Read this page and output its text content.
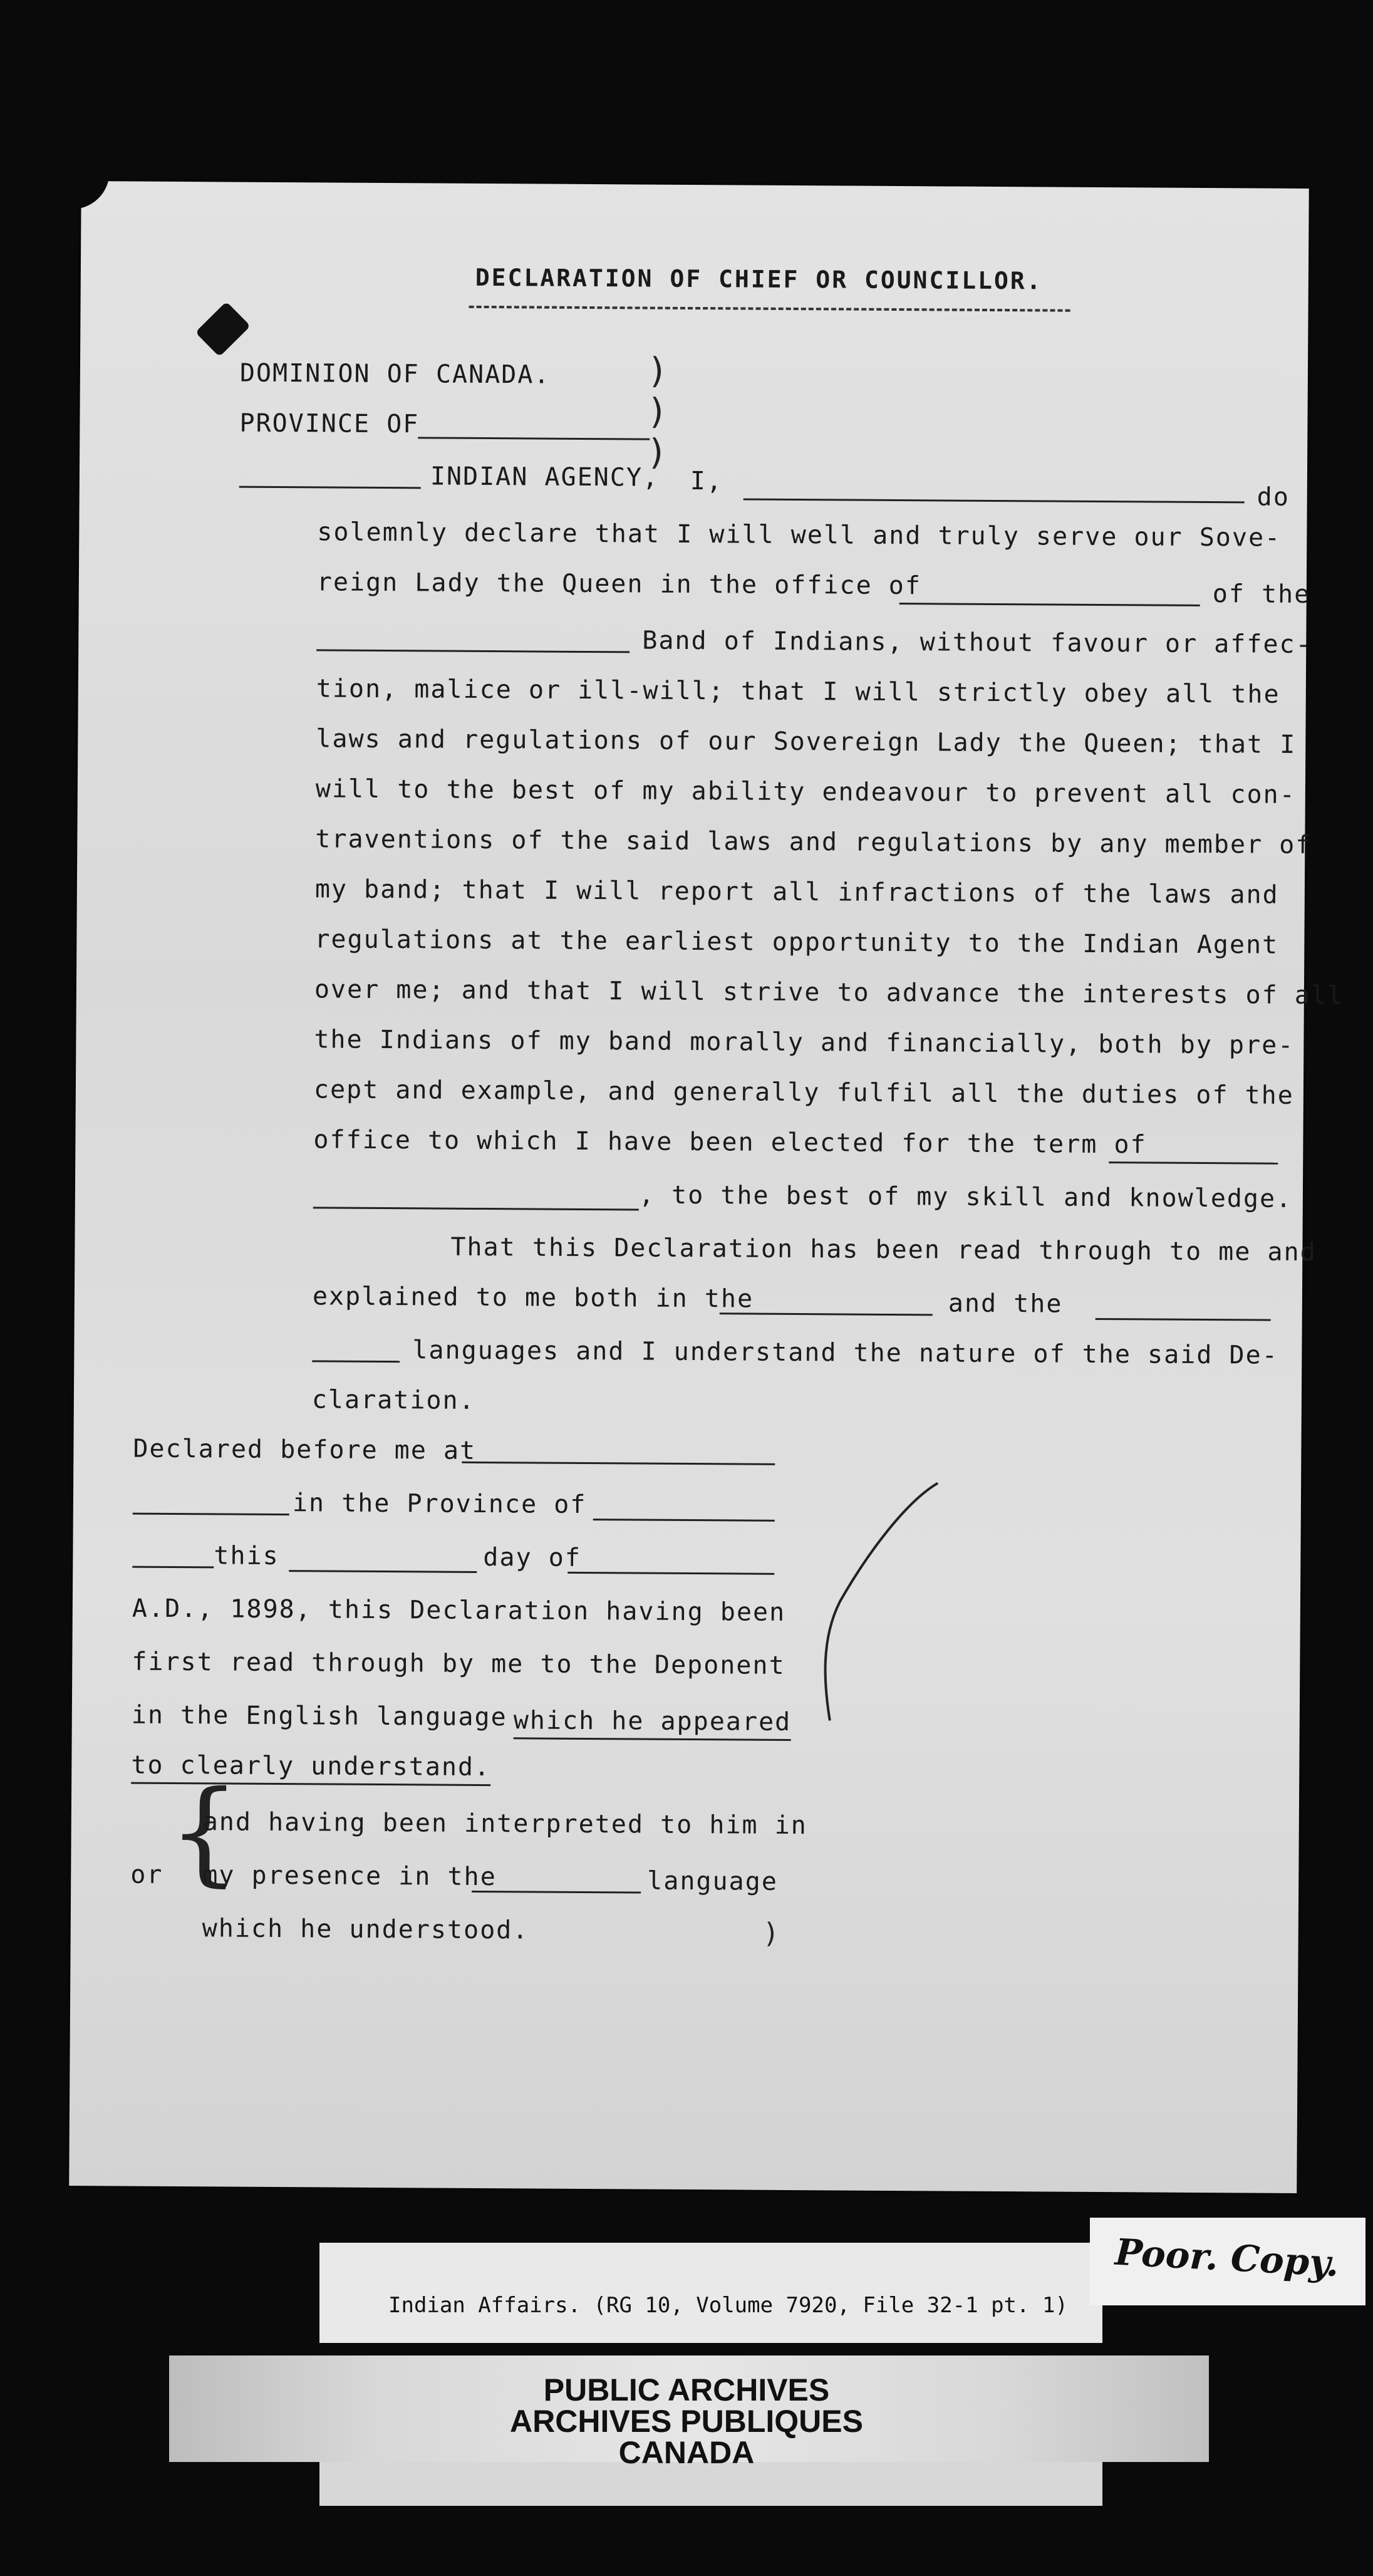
DECLARATION OF CHIEF OR COUNCILLOR.
DOMINION OF CANADA.
PROVINCE OF
INDIAN AGENCY,
)
)
)
I,
do
solemnly declare that I will well and truly serve our Sove-
reign Lady the Queen in the office of	of the
Band of Indians, without favour or affec-
tion, malice or ill-will; that I will strictly obey all the
laws and regulations of our Sovereign Lady the Queen; that I
will to the best of my ability endeavour to prevent all con-
traventions of the said laws and regulations by any member of
my band; that I will report all infractions of the laws and
regulations at the earliest opportunity to the Indian Agent
over me; and that I will strive to advance the interests of all
the Indians of my band morally and financially, both by pre-
cept and example, and generally fulfil all the duties of the
office to which I have been elected for the term of
, to the best of my skill and knowledge.
That this Declaration has been read through to me and
explained to me both in the	and the
languages and I understand the nature of the said De-
claration.
Declared before me at
in the Province of
this	day of
A.D., 1898, this Declaration having been
first read through by me to the Deponent
in the English language which he appeared
to clearly understand.
{
or
and having been interpreted to him in
my presence in the	language
which he understood.	)
Indian Affairs. (RG 10, Volume 7920, File 32-1 pt. 1)
Poor. Copy.
PUBLIC ARCHIVES
ARCHIVES PUBLIQUES
CANADA
